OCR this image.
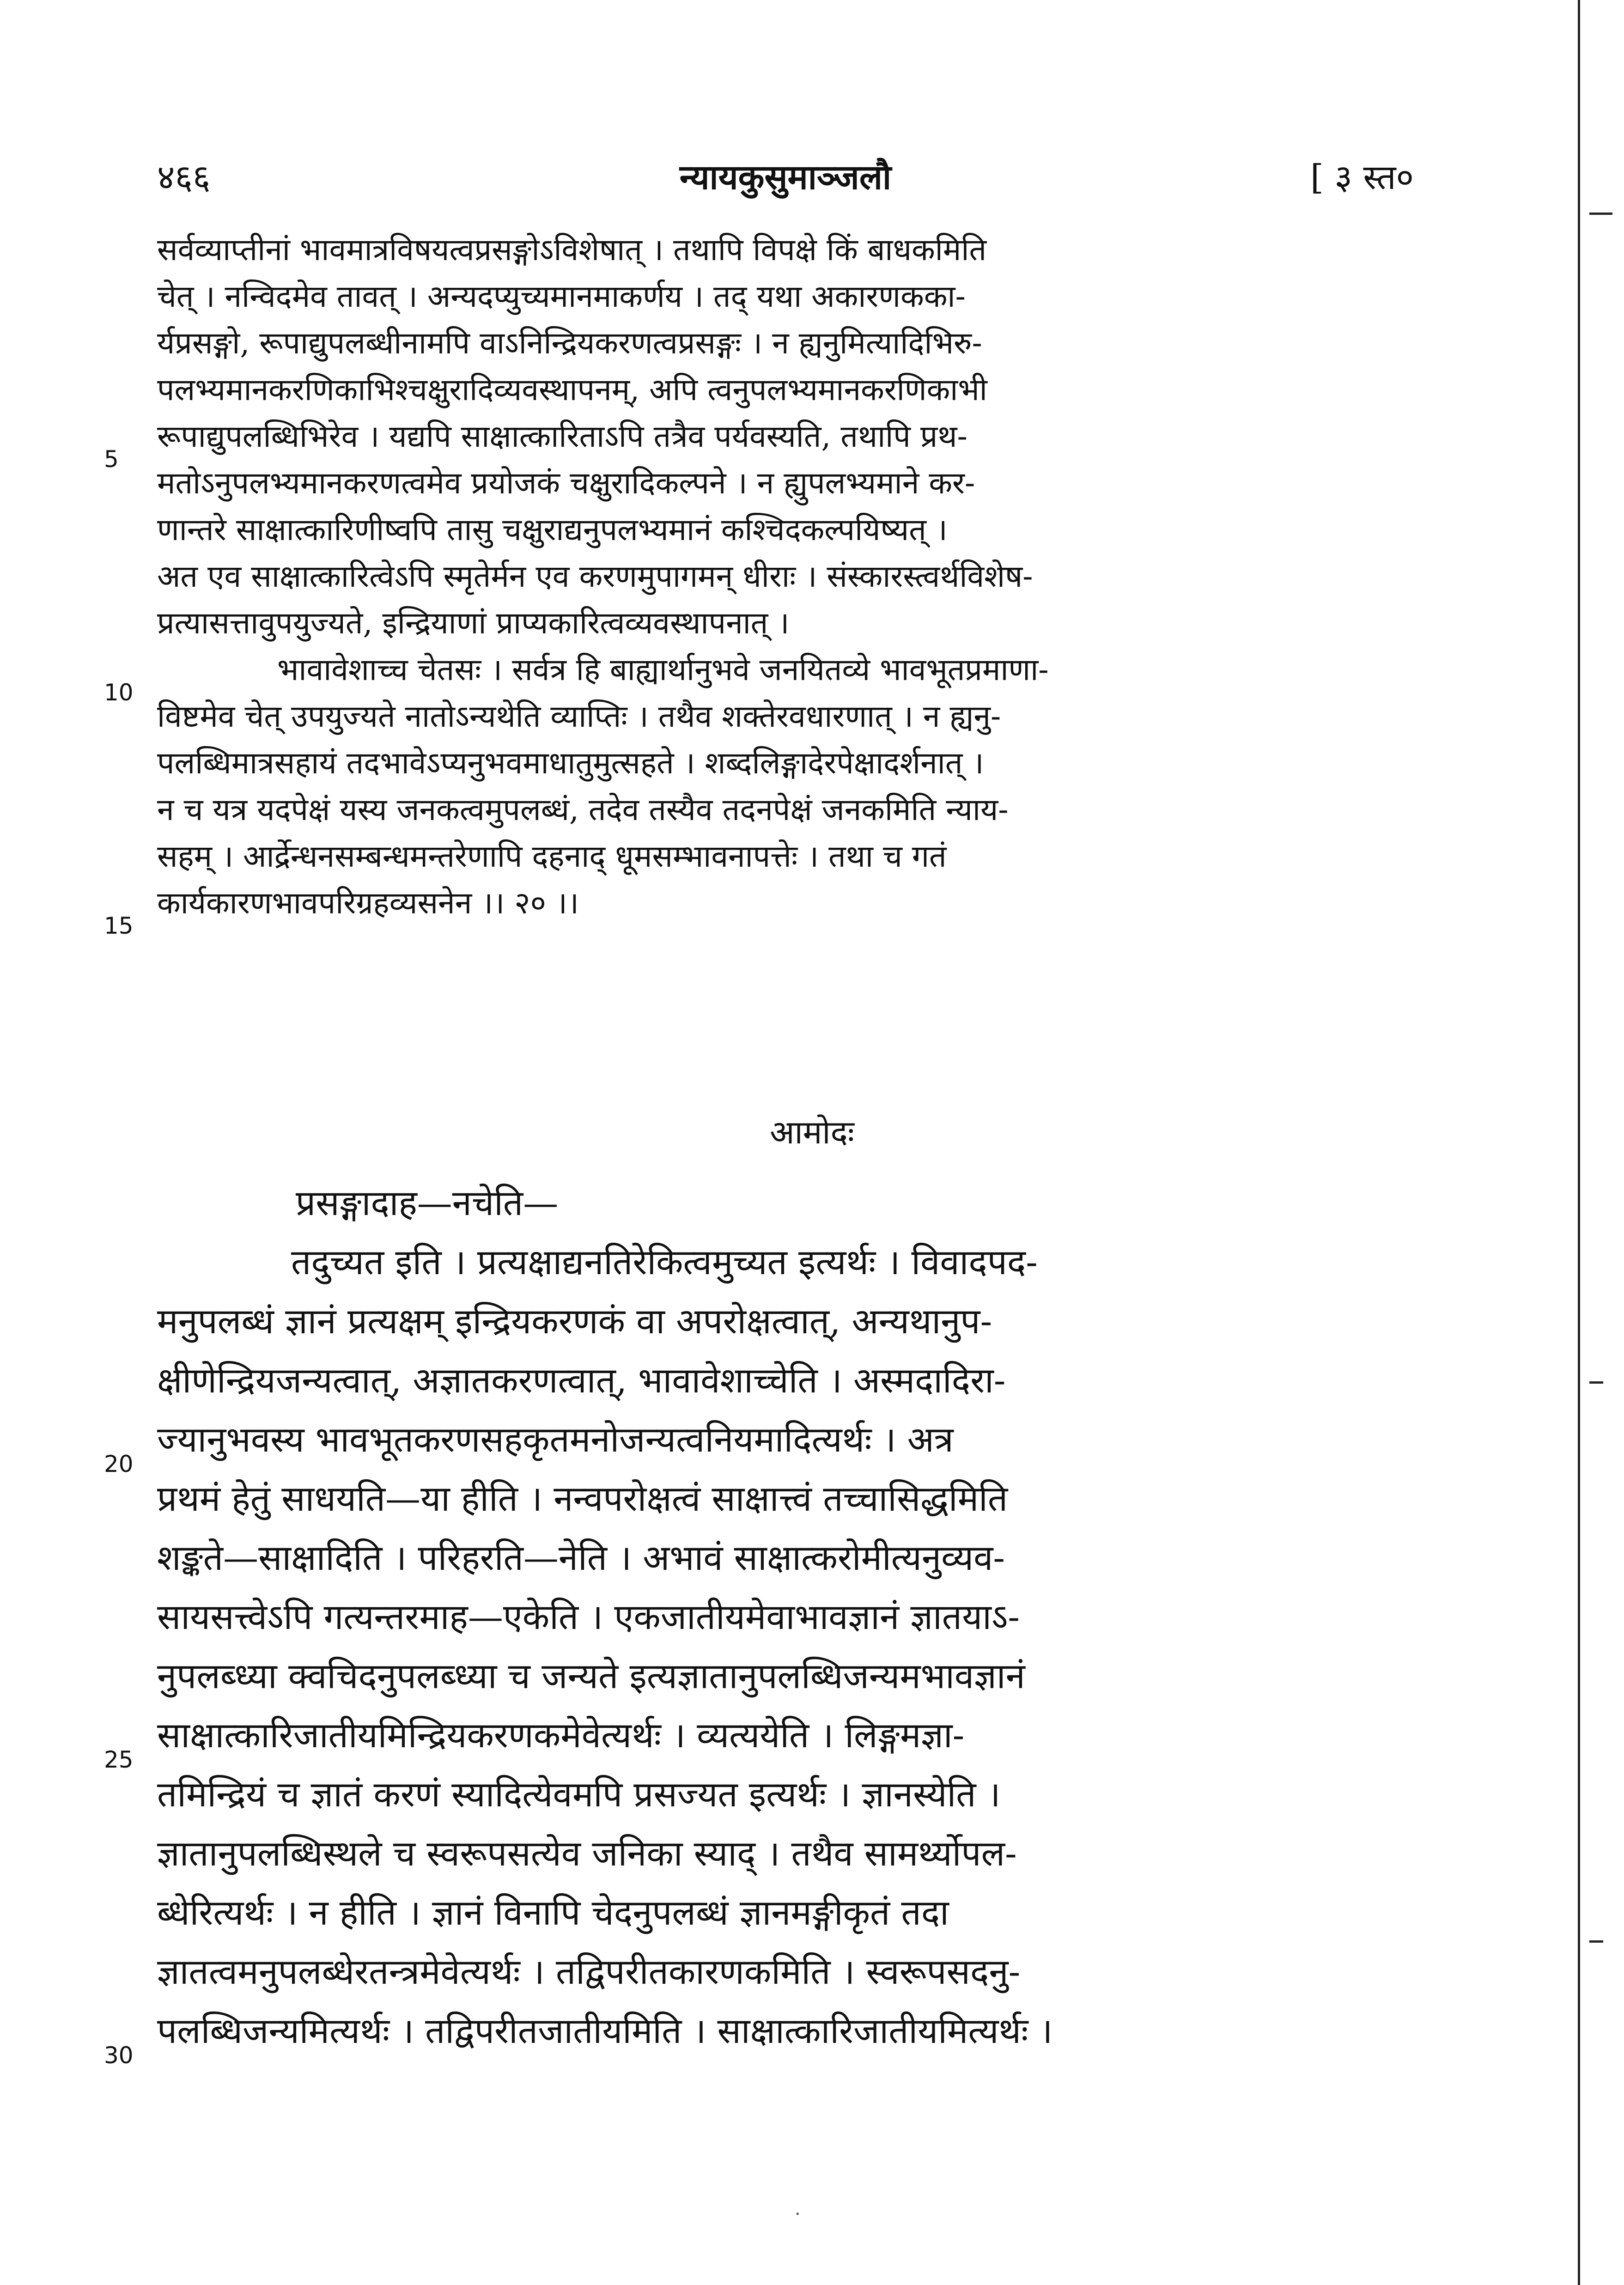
४६६	न्यायकुसुमाञ्जलौ	[ ३ स्त०
सर्वव्याप्तीनां भावमात्रविषयत्वप्रसङ्गोऽविशेषात् । तथापि विपक्षे किं बाधकमिति
चेत् । नन्विदमेव तावत् । अन्यदप्युच्यमानमाकर्णय । तद् यथा अकारणकका-
र्यप्रसङ्गो, रूपाद्युपलब्धीनामपि वाऽनिन्द्रियकरणत्वप्रसङ्गः । न ह्यनुमित्यादिभिरु-
पलभ्यमानकरणिकाभिश्चक्षुरादिव्यवस्थापनम्, अपि त्वनुपलभ्यमानकरणिकाभी
रूपाद्युपलब्धिभिरेव । यद्यपि साक्षात्कारिताऽपि तत्रैव पर्यवस्यति, तथापि प्रथ-
मतोऽनुपलभ्यमानकरणत्वमेव प्रयोजकं चक्षुरादिकल्पने । न ह्युपलभ्यमाने कर-
णान्तरे साक्षात्कारिणीष्वपि तासु चक्षुराद्यनुपलभ्यमानं कश्चिदकल्पयिष्यत् ।
अत एव साक्षात्कारित्वेऽपि स्मृतेर्मन एव करणमुपागमन् धीराः । संस्कारस्त्वर्थविशेष-
प्रत्यासत्तावुपयुज्यते, इन्द्रियाणां प्राप्यकारित्वव्यवस्थापनात् ।
भावावेशाच्च चेतसः । सर्वत्र हि बाह्यार्थानुभवे जनयितव्ये भावभूतप्रमाणा-
विष्टमेव चेत् उपयुज्यते नातोऽन्यथेति व्याप्तिः । तथैव शक्तेरवधारणात् । न ह्यनु-
पलब्धिमात्रसहायं तदभावेऽप्यनुभवमाधातुमुत्सहते । शब्दलिङ्गादेरपेक्षादर्शनात् ।
न च यत्र यदपेक्षं यस्य जनकत्वमुपलब्धं, तदेव तस्यैव तदनपेक्षं जनकमिति न्याय-
सहम् । आर्द्रेन्धनसम्बन्धमन्तरेणापि दहनाद् धूमसम्भावनापत्तेः । तथा च गतं
कार्यकारणभावपरिग्रहव्यसनेन ।। २० ।।
5
10
15
आमोदः
प्रसङ्गादाह—नचेति—
तदुच्यत इति । प्रत्यक्षाद्यनतिरेकित्वमुच्यत इत्यर्थः । विवादपद-
मनुपलब्धं ज्ञानं प्रत्यक्षम् इन्द्रियकरणकं वा अपरोक्षत्वात्, अन्यथानुप-
क्षीणेन्द्रियजन्यत्वात्, अज्ञातकरणत्वात्, भावावेशाच्चेति । अस्मदादिरा-
ज्यानुभवस्य भावभूतकरणसहकृतमनोजन्यत्वनियमादित्यर्थः । अत्र
प्रथमं हेतुं साधयति—या हीति । नन्वपरोक्षत्वं साक्षात्त्वं तच्चासिद्धमिति
शङ्कते—साक्षादिति । परिहरति—नेति । अभावं साक्षात्करोमीत्यनुव्यव-
सायसत्त्वेऽपि गत्यन्तरमाह—एकेति । एकजातीयमेवाभावज्ञानं ज्ञातयाऽ-
नुपलब्ध्या क्वचिदनुपलब्ध्या च जन्यते इत्यज्ञातानुपलब्धिजन्यमभावज्ञानं
साक्षात्कारिजातीयमिन्द्रियकरणकमेवेत्यर्थः । व्यत्ययेति । लिङ्गमज्ञा-
तमिन्द्रियं च ज्ञातं करणं स्यादित्येवमपि प्रसज्यत इत्यर्थः । ज्ञानस्येति ।
ज्ञातानुपलब्धिस्थले च स्वरूपसत्येव जनिका स्याद् । तथैव सामर्थ्योपल-
ब्धेरित्यर्थः । न हीति । ज्ञानं विनापि चेदनुपलब्धं ज्ञानमङ्गीकृतं तदा
ज्ञातत्वमनुपलब्धेरतन्त्रमेवेत्यर्थः । तद्विपरीतकारणकमिति । स्वरूपसदनु-
पलब्धिजन्यमित्यर्थः । तद्विपरीतजातीयमिति । साक्षात्कारिजातीयमित्यर्थः ।
20
25
30
·
